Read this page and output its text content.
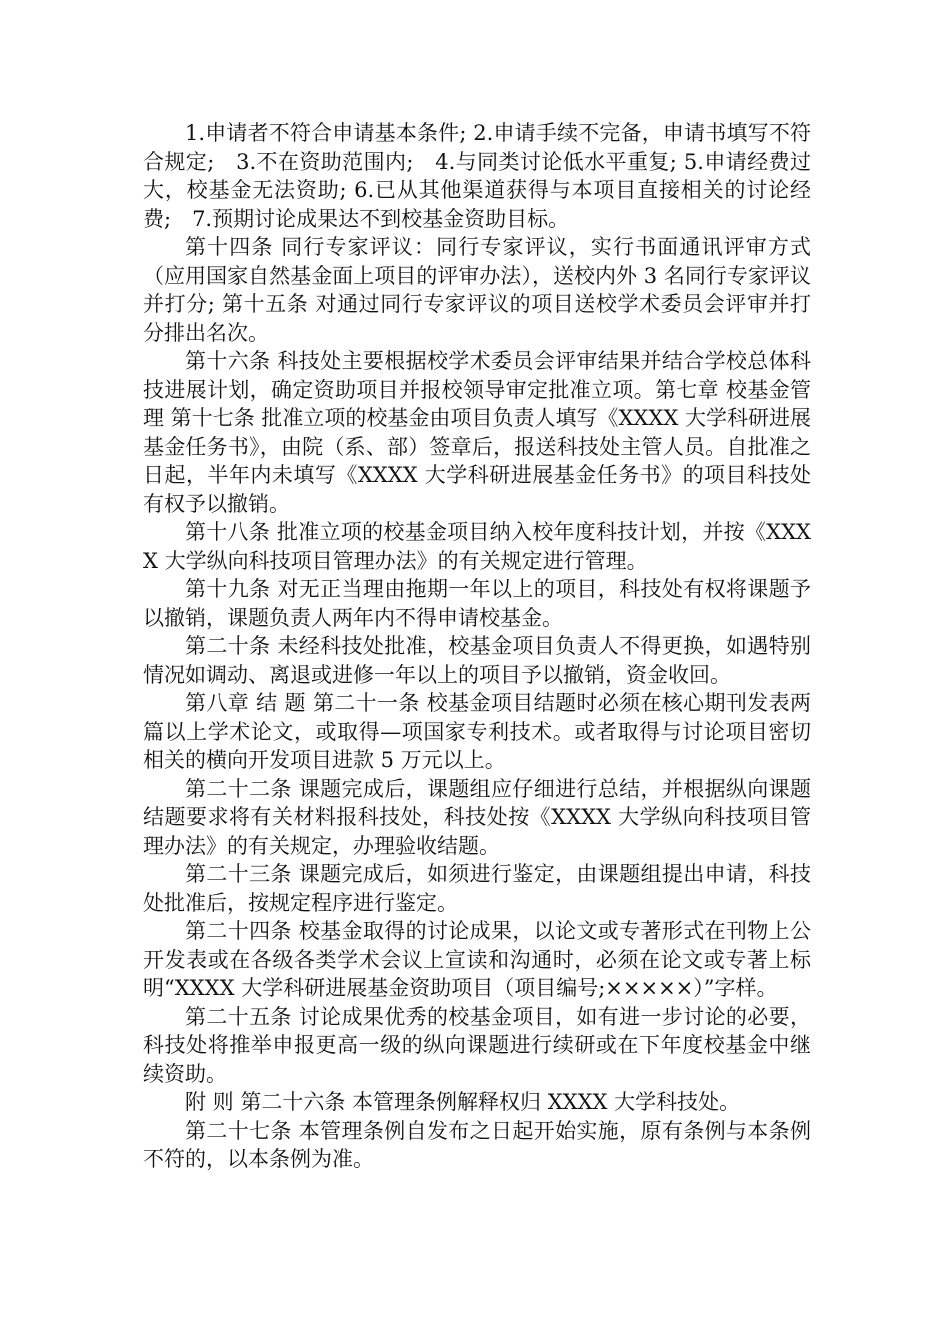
1.申请者不符合申请基本条件; 2.申请手续不完备，申请书填写不符合规定;　3.不在资助范围内;　4.与同类讨论低水平重复; 5.申请经费过大，校基金无法资助; 6.已从其他渠道获得与本项目直接相关的讨论经费;　7.预期讨论成果达不到校基金资助目标。

第十四条 同行专家评议：同行专家评议，实行书面通讯评审方式（应用国家自然基金面上项目的评审办法），送校内外 3 名同行专家评议并打分; 第十五条 对通过同行专家评议的项目送校学术委员会评审并打分排出名次。

第十六条 科技处主要根据校学术委员会评审结果并结合学校总体科技进展计划，确定资助项目并报校领导审定批准立项。第七章 校基金管理 第十七条 批准立项的校基金由项目负责人填写《XXXX 大学科研进展基金任务书》，由院（系、部）签章后，报送科技处主管人员。自批准之日起，半年内未填写《XXXX 大学科研进展基金任务书》的项目科技处有权予以撤销。

第十八条 批准立项的校基金项目纳入校年度科技计划，并按《XXXX 大学纵向科技项目管理办法》的有关规定进行管理。

第十九条 对无正当理由拖期一年以上的项目，科技处有权将课题予以撤销，课题负责人两年内不得申请校基金。

第二十条 未经科技处批准，校基金项目负责人不得更换，如遇特别情况如调动、离退或进修一年以上的项目予以撤销，资金收回。

第八章 结 题 第二十一条 校基金项目结题时必须在核心期刊发表两篇以上学术论文，或取得—项国家专利技术。或者取得与讨论项目密切相关的横向开发项目进款 5 万元以上。

第二十二条 课题完成后，课题组应仔细进行总结，并根据纵向课题结题要求将有关材料报科技处，科技处按《XXXX 大学纵向科技项目管理办法》的有关规定，办理验收结题。

第二十三条 课题完成后，如须进行鉴定，由课题组提出申请，科技处批准后，按规定程序进行鉴定。

第二十四条 校基金取得的讨论成果，以论文或专著形式在刊物上公开发表或在各级各类学术会议上宣读和沟通时，必须在论文或专著上标明“XXXX 大学科研进展基金资助项目（项目编号;×××××）”字样。

第二十五条 讨论成果优秀的校基金项目，如有进一步讨论的必要，科技处将推举申报更高一级的纵向课题进行续研或在下年度校基金中继续资助。

附 则 第二十六条 本管理条例解释权归 XXXX 大学科技处。

第二十七条 本管理条例自发布之日起开始实施，原有条例与本条例不符的，以本条例为准。
